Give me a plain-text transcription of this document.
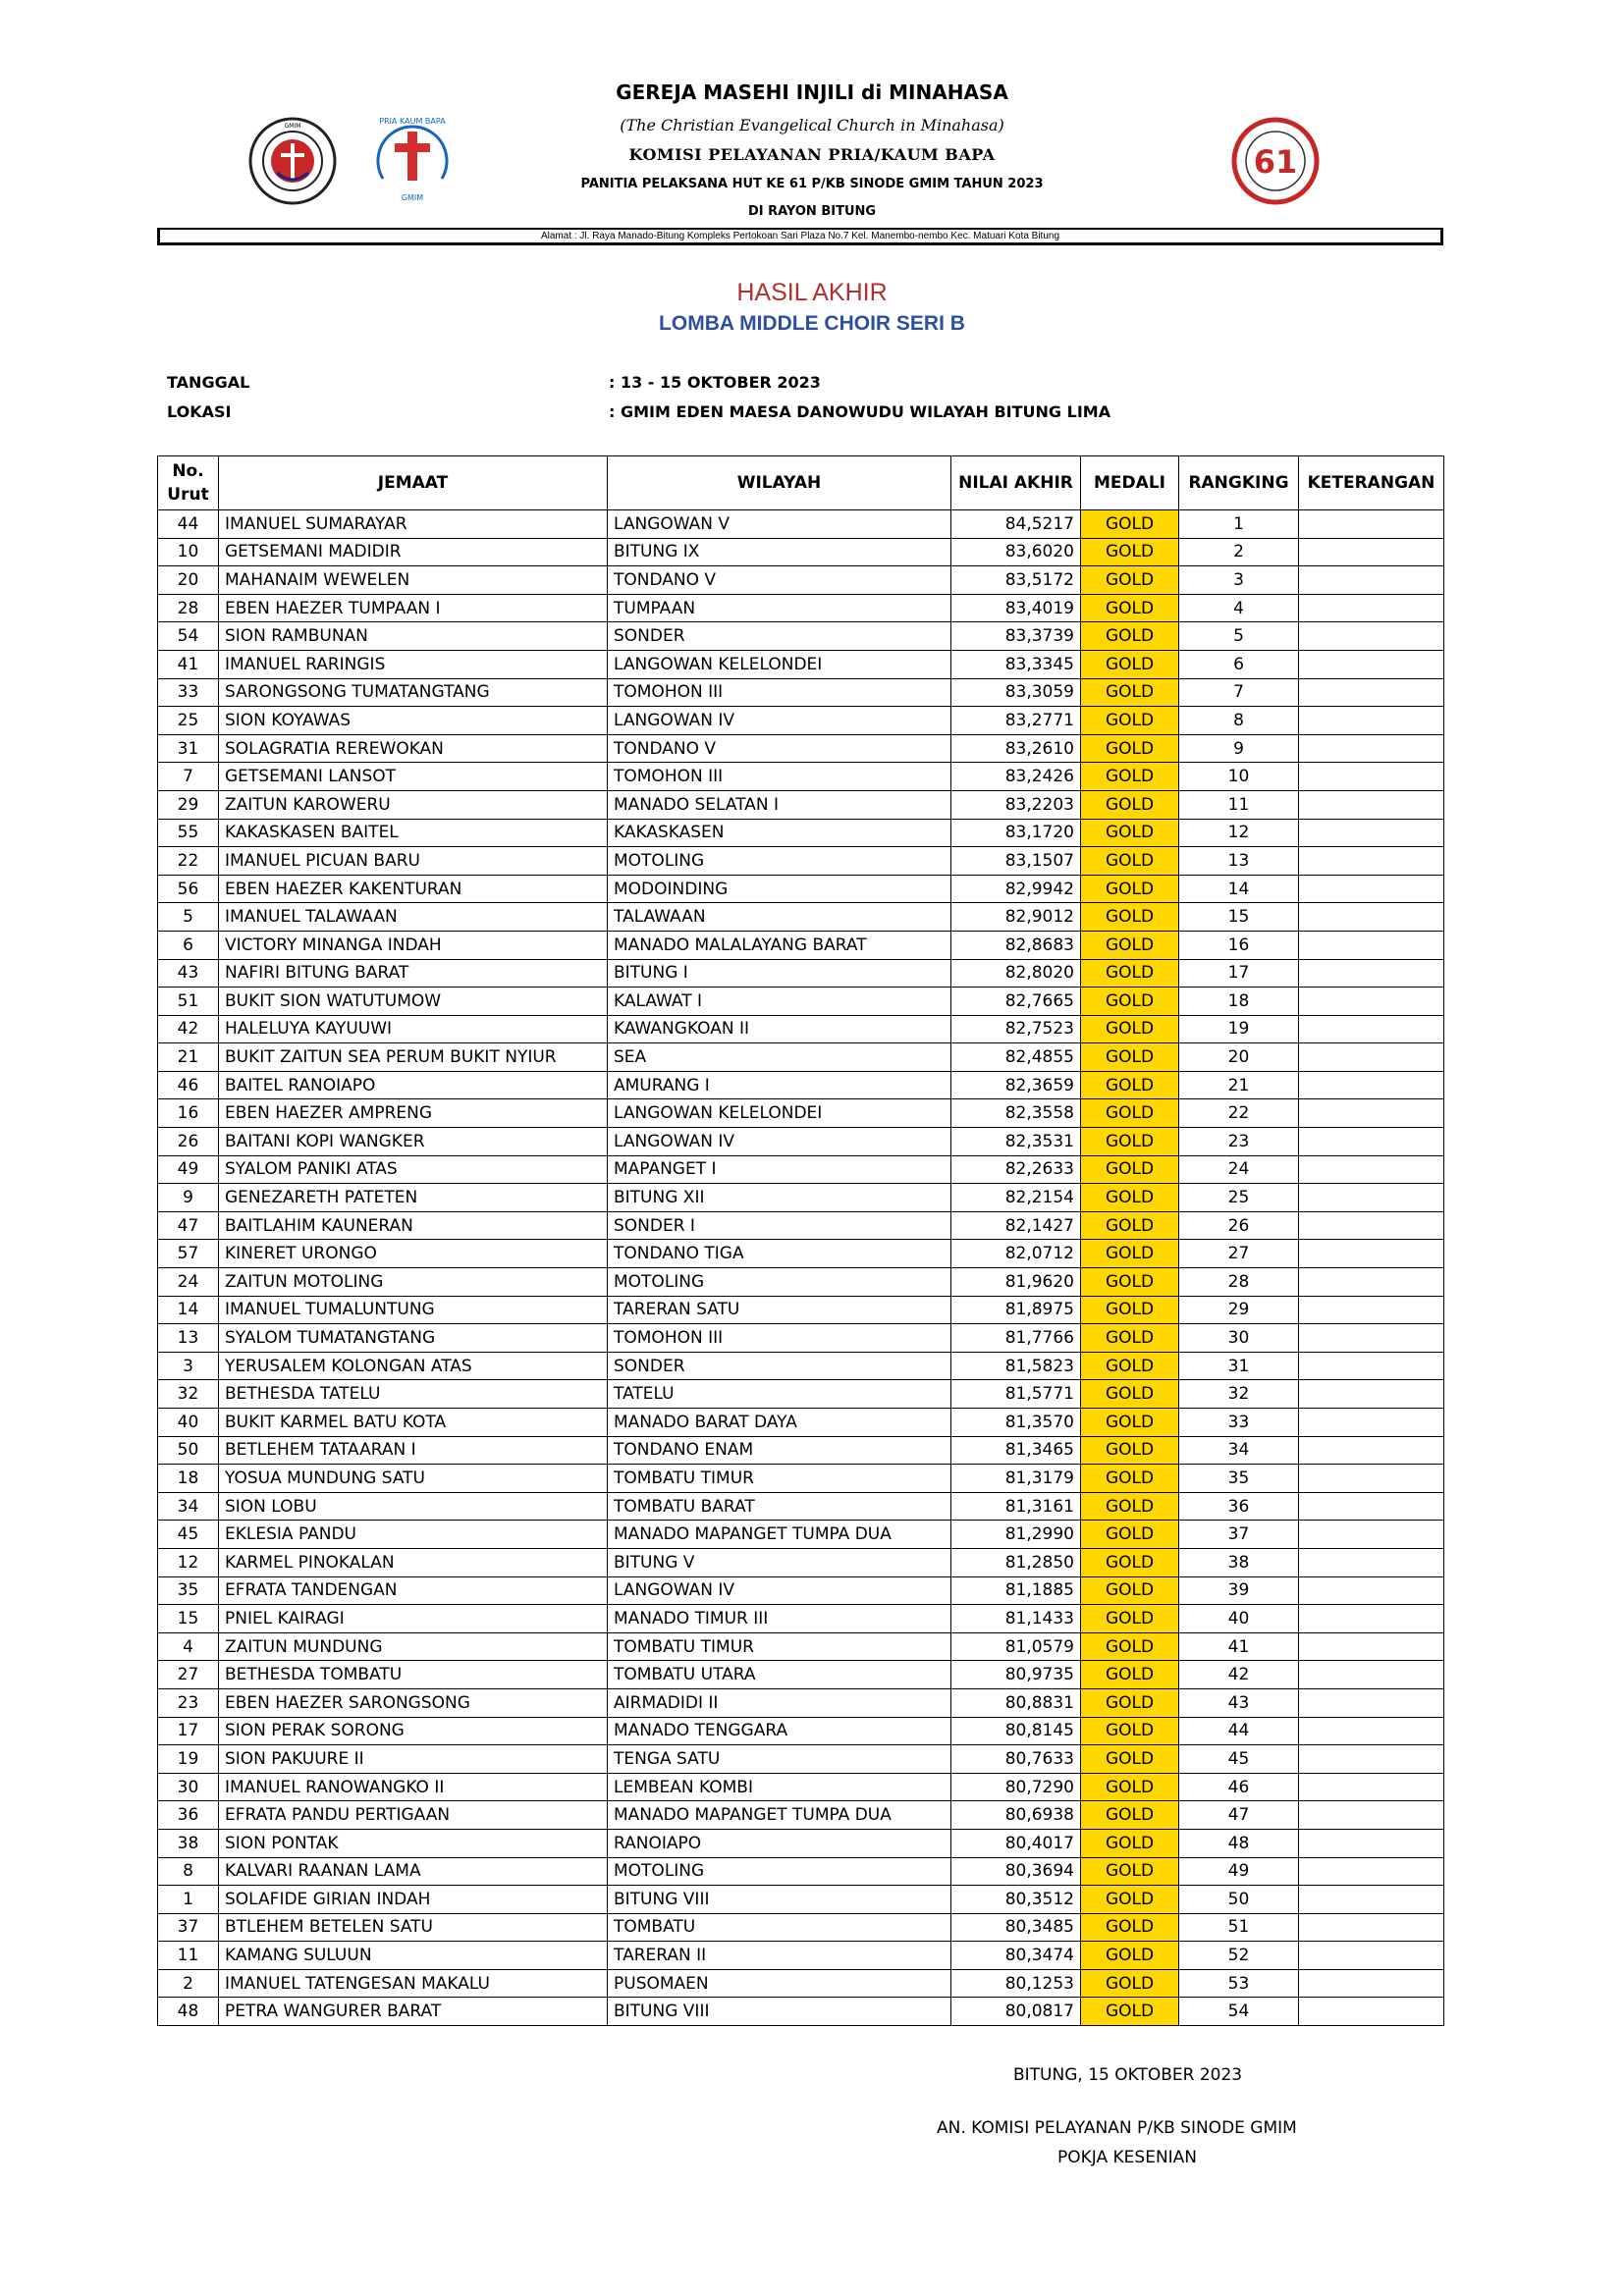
GMIM
PRIA KAUM BAPA
GMIM
61
GEREJA MASEHI INJILI di MINAHASA
(The Christian Evangelical Church in Minahasa)
KOMISI PELAYANAN PRIA/KAUM BAPA
PANITIA PELAKSANA HUT KE 61 P/KB SINODE GMIM TAHUN 2023
DI RAYON BITUNG
Alamat : Jl. Raya Manado-Bitung Kompleks Pertokoan Sari Plaza No.7 Kel. Manembo-nembo Kec. Matuari Kota Bitung
HASIL AKHIR
LOMBA MIDDLE CHOIR SERI B
TANGGAL	: 13 - 15 OKTOBER 2023
LOKASI	: GMIM EDEN MAESA DANOWUDU WILAYAH BITUNG LIMA
No.
Urut	JEMAAT	WILAYAH	NILAI AKHIR	MEDALI	RANGKING	KETERANGAN
44	IMANUEL SUMARAYAR	LANGOWAN V	84,5217	GOLD	1	
10	GETSEMANI MADIDIR	BITUNG IX	83,6020	GOLD	2	
20	MAHANAIM WEWELEN	TONDANO V	83,5172	GOLD	3	
28	EBEN HAEZER TUMPAAN I	TUMPAAN	83,4019	GOLD	4	
54	SION RAMBUNAN	SONDER	83,3739	GOLD	5	
41	IMANUEL RARINGIS	LANGOWAN KELELONDEI	83,3345	GOLD	6	
33	SARONGSONG TUMATANGTANG	TOMOHON III	83,3059	GOLD	7	
25	SION KOYAWAS	LANGOWAN IV	83,2771	GOLD	8	
31	SOLAGRATIA REREWOKAN	TONDANO V	83,2610	GOLD	9	
7	GETSEMANI LANSOT	TOMOHON III	83,2426	GOLD	10	
29	ZAITUN KAROWERU	MANADO SELATAN I	83,2203	GOLD	11	
55	KAKASKASEN BAITEL	KAKASKASEN	83,1720	GOLD	12	
22	IMANUEL PICUAN BARU	MOTOLING	83,1507	GOLD	13	
56	EBEN HAEZER KAKENTURAN	MODOINDING	82,9942	GOLD	14	
5	IMANUEL TALAWAAN	TALAWAAN	82,9012	GOLD	15	
6	VICTORY MINANGA INDAH	MANADO MALALAYANG BARAT	82,8683	GOLD	16	
43	NAFIRI BITUNG BARAT	BITUNG I	82,8020	GOLD	17	
51	BUKIT SION WATUTUMOW	KALAWAT I	82,7665	GOLD	18	
42	HALELUYA KAYUUWI	KAWANGKOAN II	82,7523	GOLD	19	
21	BUKIT ZAITUN SEA PERUM BUKIT NYIUR	SEA	82,4855	GOLD	20	
46	BAITEL RANOIAPO	AMURANG I	82,3659	GOLD	21	
16	EBEN HAEZER AMPRENG	LANGOWAN KELELONDEI	82,3558	GOLD	22	
26	BAITANI KOPI WANGKER	LANGOWAN IV	82,3531	GOLD	23	
49	SYALOM PANIKI ATAS	MAPANGET I	82,2633	GOLD	24	
9	GENEZARETH PATETEN	BITUNG XII	82,2154	GOLD	25	
47	BAITLAHIM KAUNERAN	SONDER I	82,1427	GOLD	26	
57	KINERET URONGO	TONDANO TIGA	82,0712	GOLD	27	
24	ZAITUN MOTOLING	MOTOLING	81,9620	GOLD	28	
14	IMANUEL TUMALUNTUNG	TARERAN SATU	81,8975	GOLD	29	
13	SYALOM TUMATANGTANG	TOMOHON III	81,7766	GOLD	30	
3	YERUSALEM KOLONGAN ATAS	SONDER	81,5823	GOLD	31	
32	BETHESDA TATELU	TATELU	81,5771	GOLD	32	
40	BUKIT KARMEL BATU KOTA	MANADO BARAT DAYA	81,3570	GOLD	33	
50	BETLEHEM TATAARAN I	TONDANO ENAM	81,3465	GOLD	34	
18	YOSUA MUNDUNG SATU	TOMBATU TIMUR	81,3179	GOLD	35	
34	SION LOBU	TOMBATU BARAT	81,3161	GOLD	36	
45	EKLESIA PANDU	MANADO MAPANGET TUMPA DUA	81,2990	GOLD	37	
12	KARMEL PINOKALAN	BITUNG V	81,2850	GOLD	38	
35	EFRATA TANDENGAN	LANGOWAN IV	81,1885	GOLD	39	
15	PNIEL KAIRAGI	MANADO TIMUR III	81,1433	GOLD	40	
4	ZAITUN MUNDUNG	TOMBATU TIMUR	81,0579	GOLD	41	
27	BETHESDA TOMBATU	TOMBATU UTARA	80,9735	GOLD	42	
23	EBEN HAEZER SARONGSONG	AIRMADIDI II	80,8831	GOLD	43	
17	SION PERAK SORONG	MANADO TENGGARA	80,8145	GOLD	44	
19	SION PAKUURE II	TENGA SATU	80,7633	GOLD	45	
30	IMANUEL RANOWANGKO II	LEMBEAN KOMBI	80,7290	GOLD	46	
36	EFRATA PANDU PERTIGAAN	MANADO MAPANGET TUMPA DUA	80,6938	GOLD	47	
38	SION PONTAK	RANOIAPO	80,4017	GOLD	48	
8	KALVARI RAANAN LAMA	MOTOLING	80,3694	GOLD	49	
1	SOLAFIDE GIRIAN INDAH	BITUNG VIII	80,3512	GOLD	50	
37	BTLEHEM BETELEN SATU	TOMBATU	80,3485	GOLD	51	
11	KAMANG SULUUN	TARERAN II	80,3474	GOLD	52	
2	IMANUEL TATENGESAN MAKALU	PUSOMAEN	80,1253	GOLD	53	
48	PETRA WANGURER BARAT	BITUNG VIII	80,0817	GOLD	54	
BITUNG, 15 OKTOBER 2023
AN. KOMISI PELAYANAN P/KB SINODE GMIM
POKJA KESENIAN
